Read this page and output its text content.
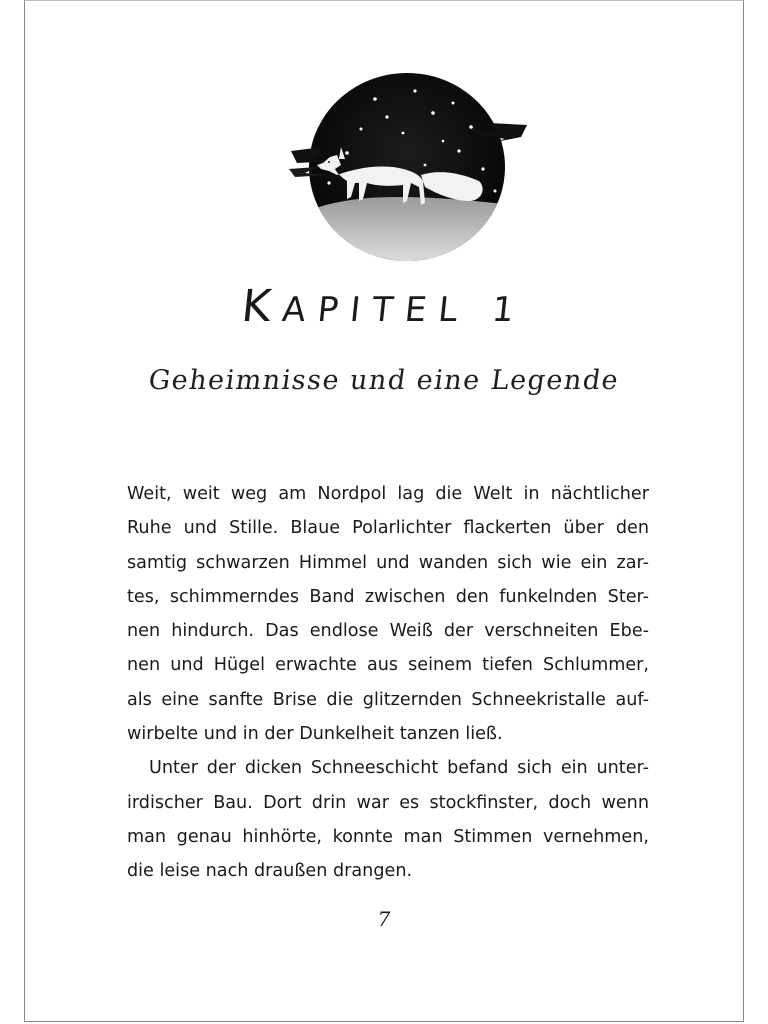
KAPITEL 1
Geheimnisse und eine Legende
Weit, weit weg am Nordpol lag die Welt in nächtlicher
Ruhe und Stille. Blaue Polarlichter flackerten über den
samtig schwarzen Himmel und wanden sich wie ein zar-
tes, schimmerndes Band zwischen den funkelnden Ster-
nen hindurch. Das endlose Weiß der verschneiten Ebe-
nen und Hügel erwachte aus seinem tiefen Schlummer,
als eine sanfte Brise die glitzernden Schneekristalle auf-
wirbelte und in der Dunkelheit tanzen ließ.
Unter der dicken Schneeschicht befand sich ein unter-
irdischer Bau. Dort drin war es stockfinster, doch wenn
man genau hinhörte, konnte man Stimmen vernehmen,
die leise nach draußen drangen.
7
